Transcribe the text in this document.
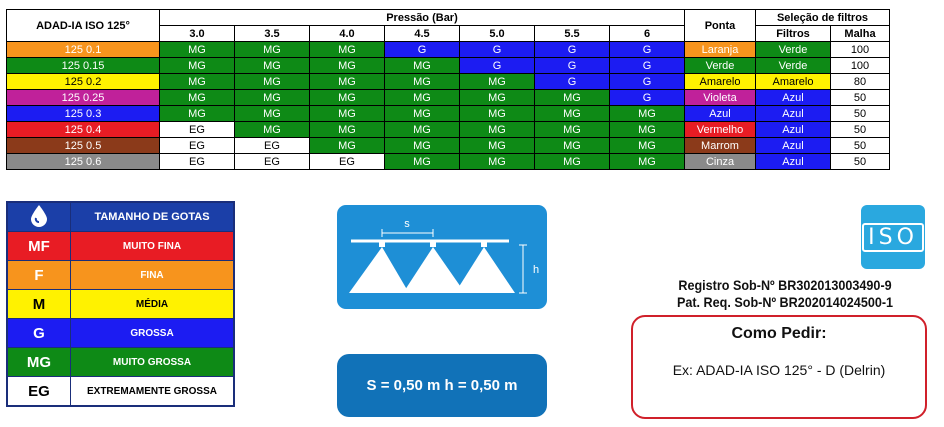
ADAD-IA ISO 125°	Pressão (Bar)							Ponta	Seleção de filtros	
	3.0	3.5	4.0	4.5	5.0	5.5	6		Filtros	Malha
125 0.1	MG	MG	MG	G	G	G	G	Laranja	Verde	100
125 0.15	MG	MG	MG	MG	G	G	G	Verde	Verde	100
125 0.2	MG	MG	MG	MG	MG	G	G	Amarelo	Amarelo	80
125 0.25	MG	MG	MG	MG	MG	MG	G	Violeta	Azul	50
125 0.3	MG	MG	MG	MG	MG	MG	MG	Azul	Azul	50
125 0.4	EG	MG	MG	MG	MG	MG	MG	Vermelho	Azul	50
125 0.5	EG	EG	MG	MG	MG	MG	MG	Marrom	Azul	50
125 0.6	EG	EG	EG	MG	MG	MG	MG	Cinza	Azul	50
	TAMANHO DE GOTAS
MF	MUITO FINA
F	FINA
M	MÉDIA
G	GROSSA
MG	MUITO GROSSA
EG	EXTREMAMENTE GROSSA
s
h
S = 0,50 m h = 0,50 m
ISO
Registro Sob-Nº BR302013003490-9
Pat. Req. Sob-Nº BR202014024500-1
Como Pedir:
Ex: ADAD-IA ISO 125° - D (Delrin)
